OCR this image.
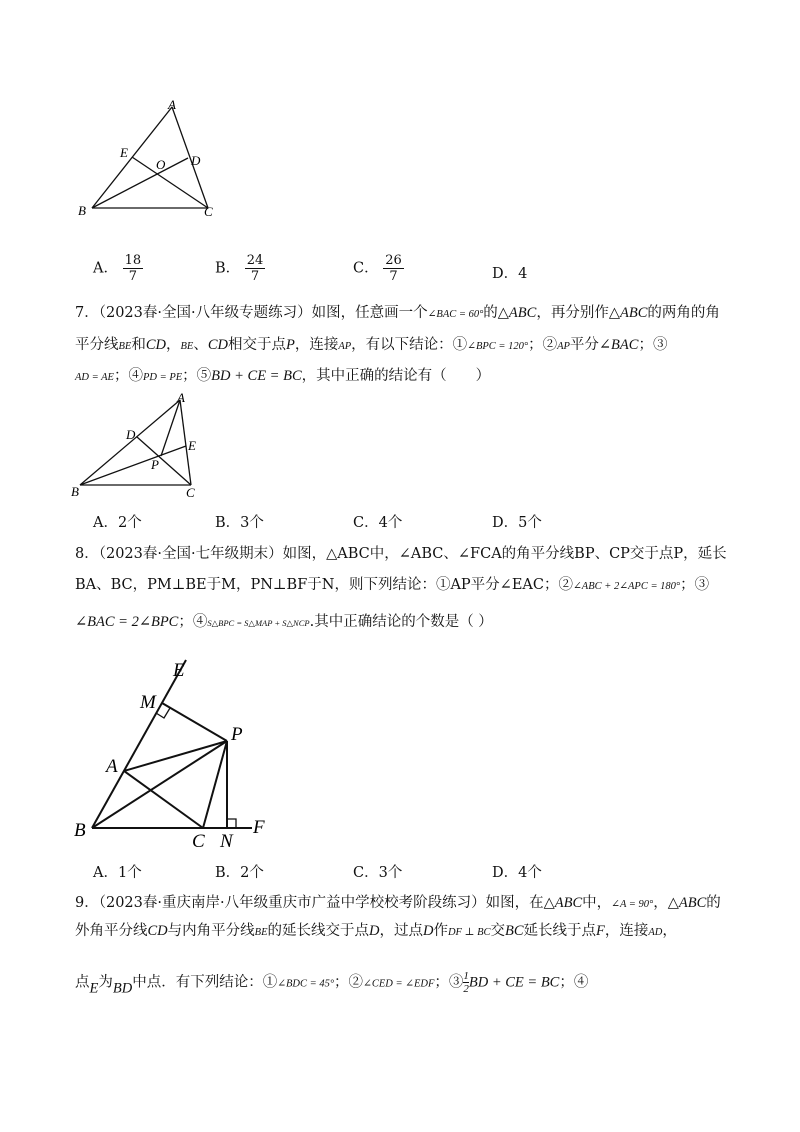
A
E
O D
B	C
A． $\frac{18}{7}$	B． $\frac{24}{7}$	C． $\frac{26}{7}$	D．4
7．（2023春·全国·八年级专题练习）如图，任意画一个∠BAC = 60°的△ABC，再分别作△ABC的两角的角
平分线BE和CD，BE、CD相交于点P，连接AP，有以下结论：①∠BPC = 120°；②AP平分∠BAC；③
AD = AE；④PD = PE；⑤BD + CE = BC，其中正确的结论有（　　）
A
D
E
P
B	C
A．2个	B．3个	C．4个	D．5个
8．（2023春·全国·七年级期末）如图，△ABC中，∠ABC、∠FCA的角平分线BP、CP交于点P，延长
BA、BC，PM⊥BE于M，PN⊥BF于N，则下列结论：①AP平分∠EAC；②∠ABC + 2∠APC = 180°；③
∠BAC = 2∠BPC；④S△BPC = S△MAP + S△NCP.其中正确结论的个数是（ ）
E
M
P
A
B
C N
F
A．1个	B．2个	C．3个	D．4个
9．（2023春·重庆南岸·八年级重庆市广益中学校校考阶段练习）如图，在△ABC中，∠A = 90°，△ABC的
外角平分线CD与内角平分线BE的延长线交于点D，过点D作DF ⊥ BC交BC延长线于点F，连接AD，
点E为BD中点．有下列结论：①∠BDC = 45°；②∠CED = ∠EDF；③ $\frac{1}{2}$ BD + CE = BC；④
